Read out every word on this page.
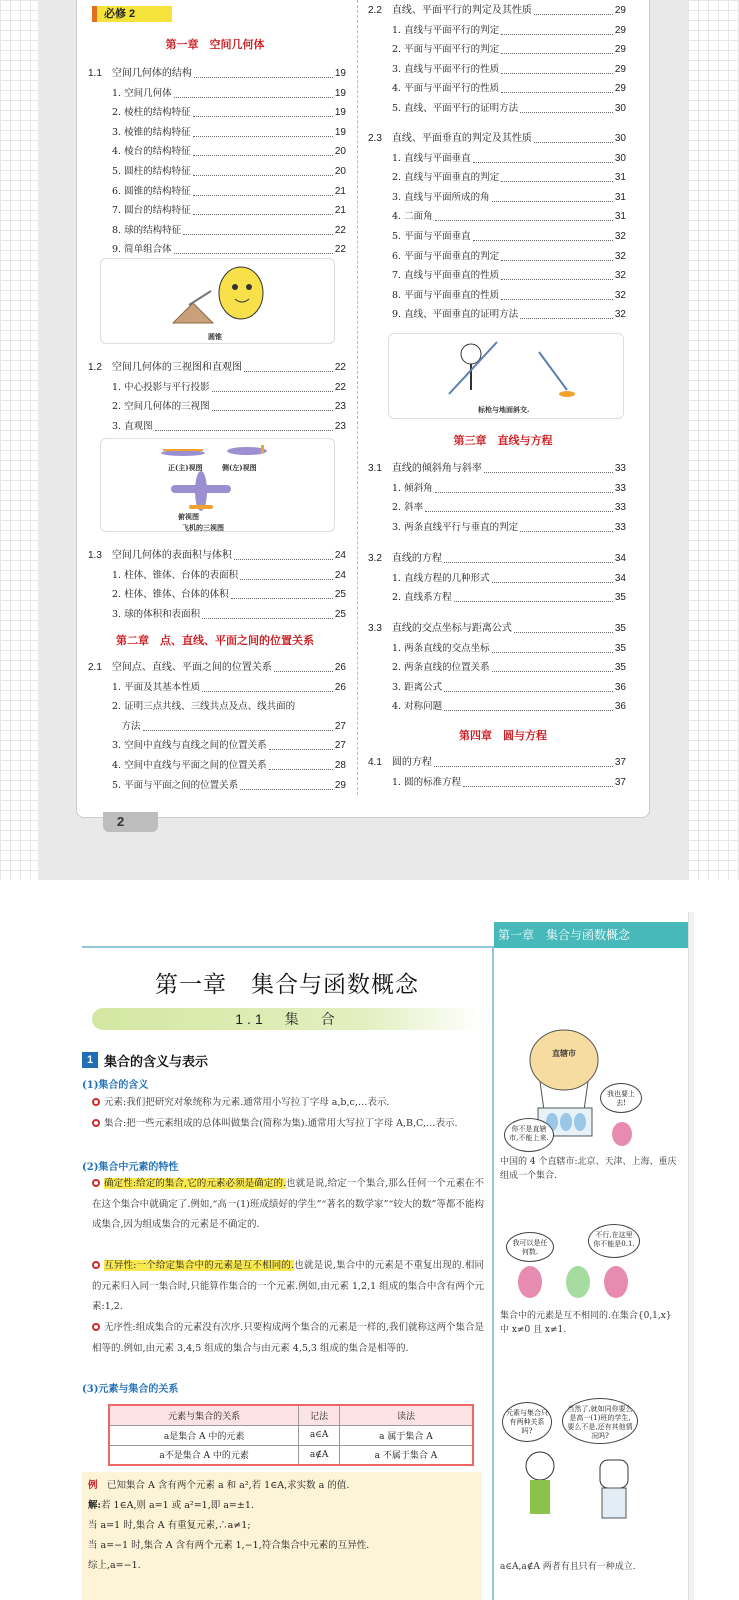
必修 2
2
第一章　空间几何体
1.1　空间几何体的结构	19
1. 空间几何体	19
2. 棱柱的结构特征	19
3. 棱锥的结构特征	19
4. 棱台的结构特征	20
5. 圆柱的结构特征	20
6. 圆锥的结构特征	21
7. 圆台的结构特征	21
8. 球的结构特征	22
9. 简单组合体	22
1.2　空间几何体的三视图和直观图	22
1. 中心投影与平行投影	22
2. 空间几何体的三视图	23
3. 直观图	23
1.3　空间几何体的表面积与体积	24
1. 柱体、锥体、台体的表面积	24
2. 柱体、锥体、台体的体积	25
3. 球的体积和表面积	25
2.1　空间点、直线、平面之间的位置关系	26
1. 平面及其基本性质	26
2. 证明三点共线、三线共点及点、线共面的
　方法	27
3. 空间中直线与直线之间的位置关系	27
4. 空间中直线与平面之间的位置关系	28
5. 平面与平面之间的位置关系	29
2.2　直线、平面平行的判定及其性质	29
1. 直线与平面平行的判定	29
2. 平面与平面平行的判定	29
3. 直线与平面平行的性质	29
4. 平面与平面平行的性质	29
5. 直线、平面平行的证明方法	30
2.3　直线、平面垂直的判定及其性质	30
1. 直线与平面垂直	30
2. 直线与平面垂直的判定	31
3. 直线与平面所成的角	31
4. 二面角	31
5. 平面与平面垂直	32
6. 平面与平面垂直的判定	32
7. 直线与平面垂直的性质	32
8. 平面与平面垂直的性质	32
9. 直线、平面垂直的证明方法	32
3.1　直线的倾斜角与斜率	33
1. 倾斜角	33
2. 斜率	33
3. 两条直线平行与垂直的判定	33
3.2　直线的方程	34
1. 直线方程的几种形式	34
2. 直线系方程	35
3.3　直线的交点坐标与距离公式	35
1. 两条直线的交点坐标	35
2. 两条直线的位置关系	35
3. 距离公式	36
4. 对称问题	36
4.1　圆的方程	37
1. 圆的标准方程	37
圆锥
正(主)视图	侧(左)视图
俯视图
飞机的三视图
第二章　点、直线、平面之间的位置关系
标枪与地面斜交.
第三章　直线与方程
第四章　圆与方程
第一章　集合与函数概念
第一章　集合与函数概念
1.1　集　合
1 集合的含义与表示
(1)集合的含义
元素:我们把研究对象统称为元素.通常用小写拉丁字母 a,b,c,…表示.
集合:把一些元素组成的总体叫做集合(简称为集).通常用大写拉丁字母 A,B,C,…表示.
(2)集合中元素的特性
确定性:给定的集合,它的元素必须是确定的.也就是说,给定一个集合,那么任何一个元素在不在这个集合中就确定了.例如,“高一(1)班成绩好的学生”“著名的数学家”“较大的数”等都不能构成集合,因为组成集合的元素是不确定的.
互异性:一个给定集合中的元素是互不相同的.也就是说,集合中的元素是不重复出现的.相同的元素归入同一集合时,只能算作集合的一个元素.例如,由元素 1,2,1 组成的集合中含有两个元素:1,2.
无序性:组成集合的元素没有次序.只要构成两个集合的元素是一样的,我们就称这两个集合是相等的.例如,由元素 3,4,5 组成的集合与由元素 4,5,3 组成的集合是相等的.
(3)元素与集合的关系
元素与集合的关系	记法	读法
a是集合 A 中的元素	a∈A	a 属于集合 A
a不是集合 A 中的元素	a∉A	a 不属于集合 A
例　 已知集合 A 含有两个元素 a 和 a²,若 1∈A,求实数 a 的值.
解:若 1∈A,则 a=1 或 a²=1,即 a=±1.
当 a=1 时,集合 A 有重复元素,∴a≠1;
当 a=−1 时,集合 A 含有两个元素 1,−1,符合集合中元素的互异性.
综上,a=−1.
直辖市
我也要上去!
你不是直辖市,不能上来.
中国的 4 个直辖市:北京、天津、上海、重庆组成一个集合.
我可以是任何数.
不行,在这里你不能是0.1.
集合中的元素是互不相同的.在集合{0,1,x}中 x≠0 且 x≠1.
元素与集合只有两种关系吗?
当然了,就如同你要么是高一(1)班的学生,要么不是,还有其他情况吗?
a∈A,a∉A 两者有且只有一种成立.
